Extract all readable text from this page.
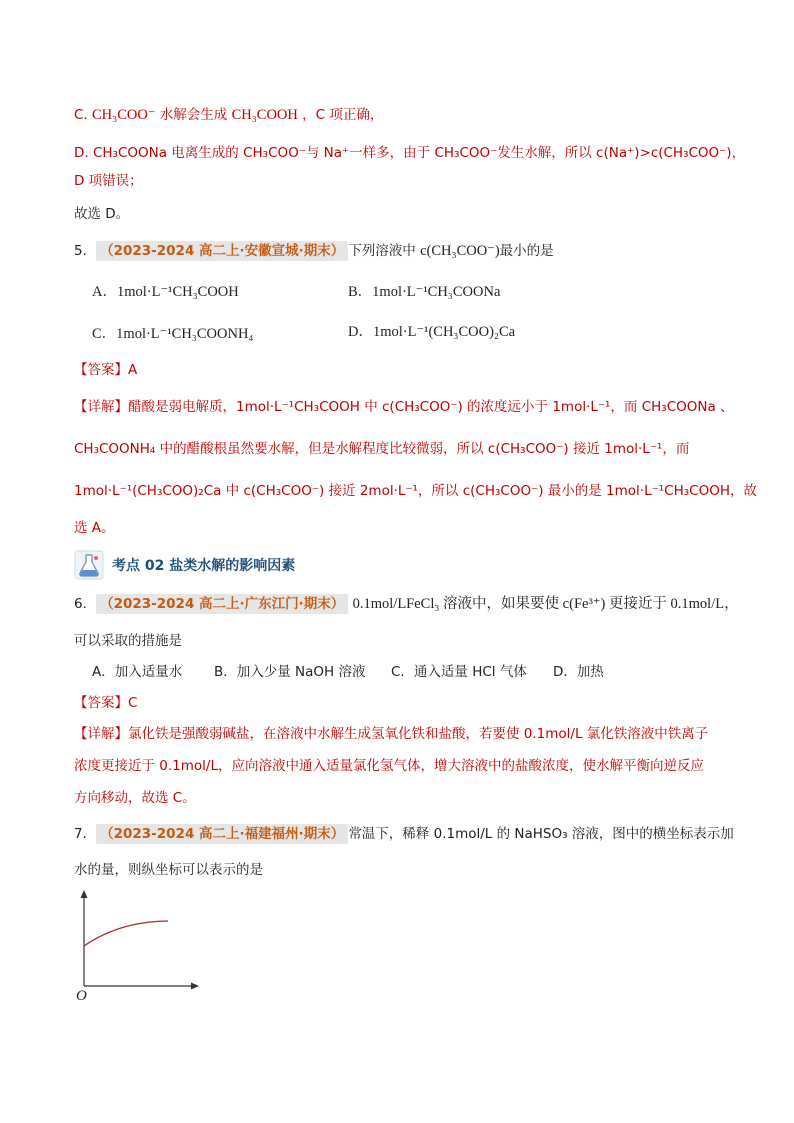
C. CH₃COO⁻ 水解会生成 CH₃COOH ，C 项正确，
D. CH₃COONa 电离生成的 CH₃COO⁻与 Na⁺一样多，由于 CH₃COO⁻发生水解，所以 c(Na⁺)>c(CH₃COO⁻)，
D 项错误；
故选 D。
5． （2023-2024 高二上·安徽宣城·期末） 下列溶液中 c(CH₃COO⁻)最小的是
A．1mol·L⁻¹CH₃COOH	B．1mol·L⁻¹CH₃COONa
C．1mol·L⁻¹CH₃COONH₄	D．1mol·L⁻¹(CH₃COO)₂Ca
【答案】A
【详解】醋酸是弱电解质，1mol·L⁻¹CH₃COOH 中 c(CH₃COO⁻) 的浓度远小于 1mol·L⁻¹，而 CH₃COONa 、
CH₃COONH₄ 中的醋酸根虽然要水解，但是水解程度比较微弱，所以 c(CH₃COO⁻) 接近 1mol·L⁻¹，而
1mol·L⁻¹(CH₃COO)₂Ca 中 c(CH₃COO⁻) 接近 2mol·L⁻¹，所以 c(CH₃COO⁻) 最小的是 1mol·L⁻¹CH₃COOH，故
选 A。
考点 02 盐类水解的影响因素
6． （2023-2024 高二上·广东江门·期末） 0.1mol/LFeCl₃ 溶液中，如果要使 c(Fe³⁺) 更接近于 0.1mol/L，
可以采取的措施是
A．加入适量水 B．加入少量 NaOH 溶液 C．通入适量 HCl 气体 D．加热
【答案】C
【详解】氯化铁是强酸弱碱盐，在溶液中水解生成氢氧化铁和盐酸，若要使 0.1mol/L 氯化铁溶液中铁离子
浓度更接近于 0.1mol/L，应向溶液中通入适量氯化氢气体，增大溶液中的盐酸浓度，使水解平衡向逆反应
方向移动，故选 C。
7． （2023-2024 高二上·福建福州·期末） 常温下，稀释 0.1mol/L 的 NaHSO₃ 溶液，图中的横坐标表示加
水的量，则纵坐标可以表示的是
O
